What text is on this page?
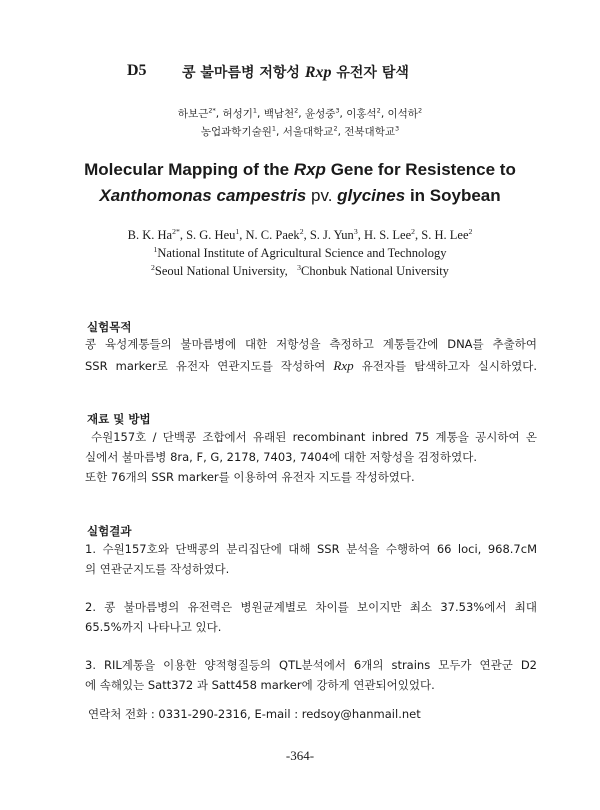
D5	콩 불마름병 저항성 Rxp 유전자 탐색
하보근$^{2*}$, 허성기$^1$, 백남천$^2$, 윤성중$^3$, 이홍석$^2$, 이석하$^2$
농업과학기술원$^1$, 서울대학교$^2$, 전북대학교$^3$
Molecular Mapping of the Rxp Gene for Resistence to
Xanthomonas campestris pv. glycines in Soybean
B. K. $Ha^{2*}$, S. G. Heu$^1$, N. C. Paek$^2$, S. J. Yun$^3$, H. S. Lee$^2$, S. H. Lee$^2$
$^1$National Institute of Agricultural Science and Technology
$^2$Seoul National University, $^3$Chonbuk National University
실험목적
콩 육성계통들의 불마름병에 대한 저항성을 측정하고 계통들간에 DNA를 추출하여
SSR marker로 유전자 연관지도를 작성하여 Rxp 유전자를 탐색하고자 실시하였다.
재료 및 방법
수원157호 / 단백콩 조합에서 유래된 recombinant inbred 75 계통을 공시하여 온
실에서 불마름병 8ra, F, G, 2178, 7403, 7404에 대한 저항성을 검정하였다.
또한 76개의 SSR marker를 이용하여 유전자 지도를 작성하였다.
실험결과
1. 수원157호와 단백콩의 분리집단에 대해 SSR 분석을 수행하여 66 loci, 968.7cM
의 연관군지도를 작성하였다.
2. 콩 불마름병의 유전력은 병원균계별로 차이를 보이지만 최소 37.53%에서 최대
65.5%까지 나타나고 있다.
3. RIL계통을 이용한 양적형질등의 QTL분석에서 6개의 strains 모두가 연관군 D2
에 속해있는 Satt372 과 Satt458 marker에 강하게 연관되어있었다.
연락처 전화 : 0331-290-2316, E-mail : redsoy@hanmail.net
-364-
